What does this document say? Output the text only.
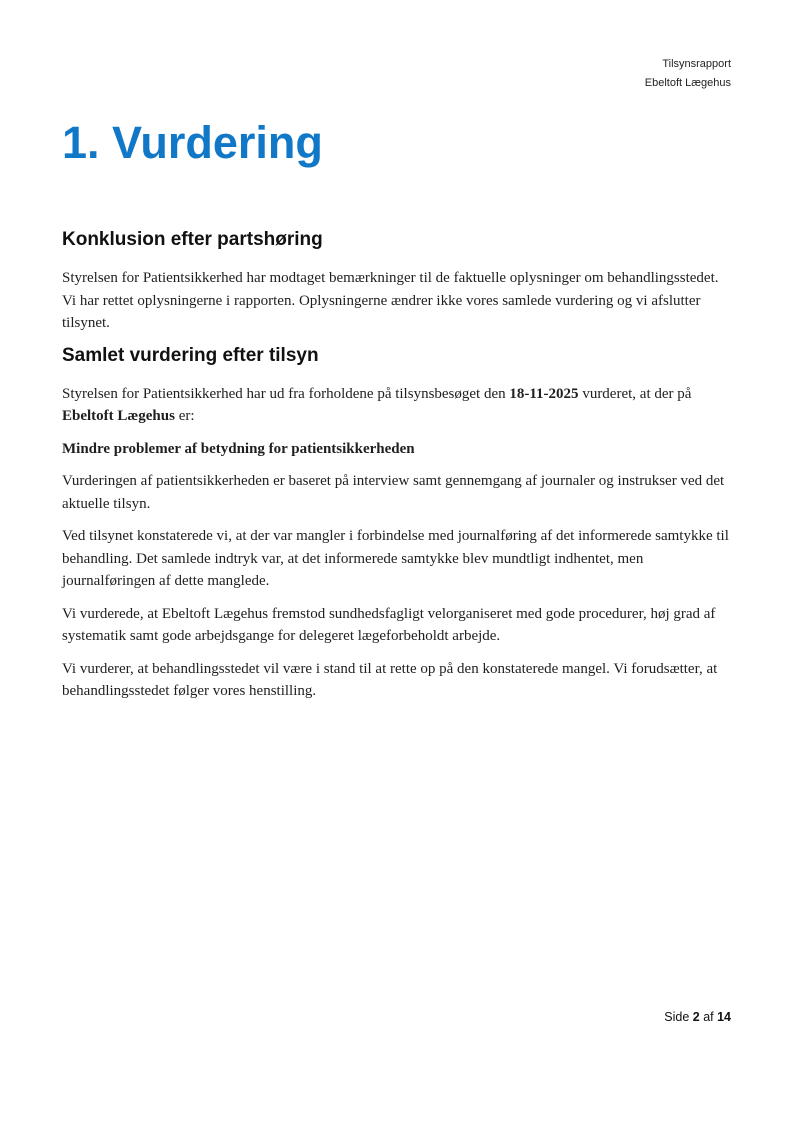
Tilsynsrapport
Ebeltoft Lægehus
1. Vurdering
Konklusion efter partshøring

Styrelsen for Patientsikkerhed har modtaget bemærkninger til de faktuelle oplysninger om behandlingsstedet. Vi har rettet oplysningerne i rapporten. Oplysningerne ændrer ikke vores samlede vurdering og vi afslutter tilsynet.

Samlet vurdering efter tilsyn

Styrelsen for Patientsikkerhed har ud fra forholdene på tilsynsbesøget den 18-11-2025 vurderet, at der på Ebeltoft Lægehus er:

Mindre problemer af betydning for patientsikkerheden

Vurderingen af patientsikkerheden er baseret på interview samt gennemgang af journaler og instrukser ved det aktuelle tilsyn.

Ved tilsynet konstaterede vi, at der var mangler i forbindelse med journalføring af det informerede samtykke til behandling. Det samlede indtryk var, at det informerede samtykke blev mundtligt indhentet, men journalføringen af dette manglede.

Vi vurderede, at Ebeltoft Lægehus fremstod sundhedsfagligt velorganiseret med gode procedurer, høj grad af systematik samt gode arbejdsgange for delegeret lægeforbeholdt arbejde.

Vi vurderer, at behandlingsstedet vil være i stand til at rette op på den konstaterede mangel. Vi forudsætter, at behandlingsstedet følger vores henstilling.

Side 2 af 14
